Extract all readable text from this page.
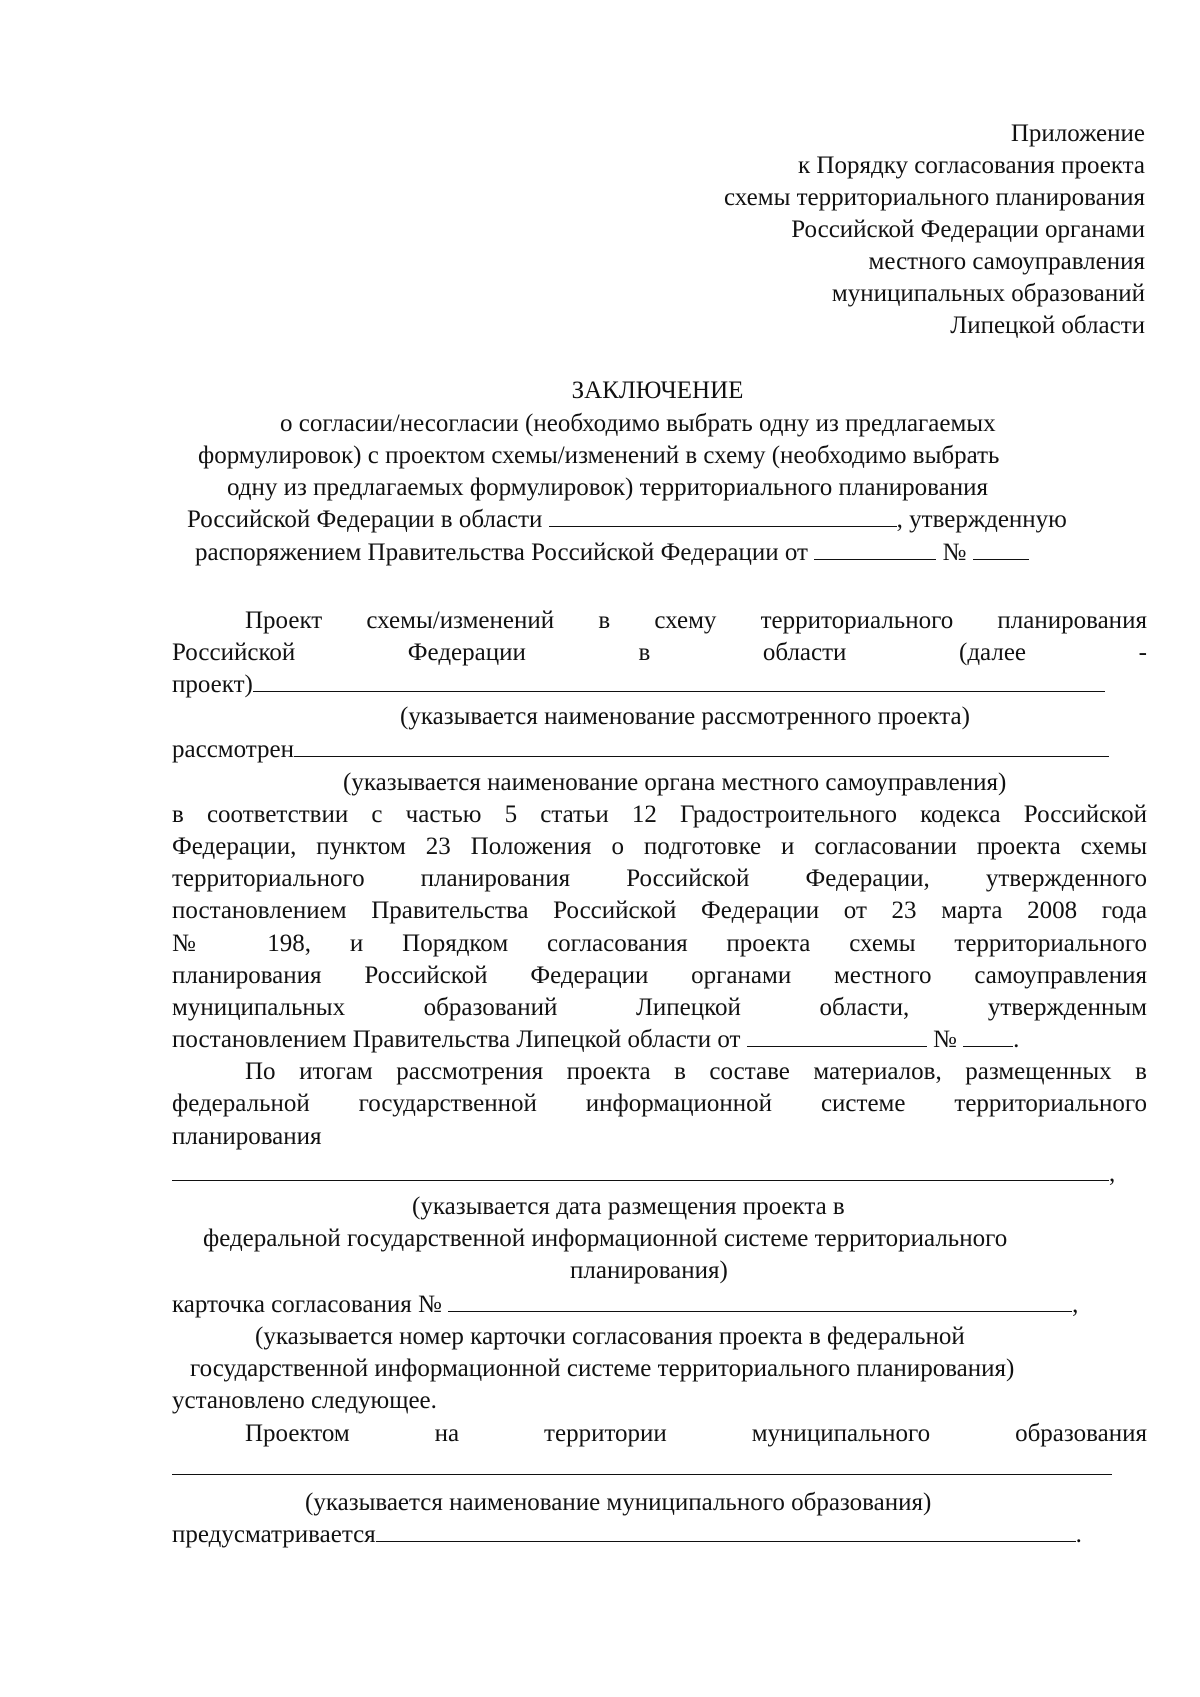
Приложение
к Порядку согласования проекта
схемы территориального планирования
Российской Федерации органами
местного самоуправления
муниципальных образований
Липецкой области
ЗАКЛЮЧЕНИЕ
о согласии/несогласии (необходимо выбрать одну из предлагаемых
формулировок) с проектом схемы/изменений в схему (необходимо выбрать
одну из предлагаемых формулировок) территориального планирования
Российской Федерации в области	, утвержденную
распоряжением Правительства Российской Федерации от	№
Проект схемы/изменений в схему территориального планирования
Российской	Федерации	в	области	(далее	-
проект)
(указывается наименование рассмотренного проекта)
рассмотрен
(указывается наименование органа местного самоуправления)
в соответствии с частью 5 статьи 12 Градостроительного кодекса Российской
Федерации, пунктом 23 Положения о подготовке и согласовании проекта схемы
территориального планирования Российской Федерации, утвержденного
постановлением Правительства Российской Федерации от 23 марта 2008 года
№ 198, и Порядком согласования проекта схемы территориального
планирования Российской Федерации органами местного самоуправления
муниципальных образований Липецкой области, утвержденным
постановлением Правительства Липецкой области от	№ .
По итогам рассмотрения проекта в составе материалов, размещенных в
федеральной государственной информационной системе территориального
планирования
,
(указывается дата размещения проекта в
федеральной государственной информационной системе территориального
планирования)
карточка согласования №	,
(указывается номер карточки согласования проекта в федеральной
государственной информационной системе территориального планирования)
установлено следующее.
Проектом	на	территории	муниципального	образования
(указывается наименование муниципального образования)
предусматривается	.
